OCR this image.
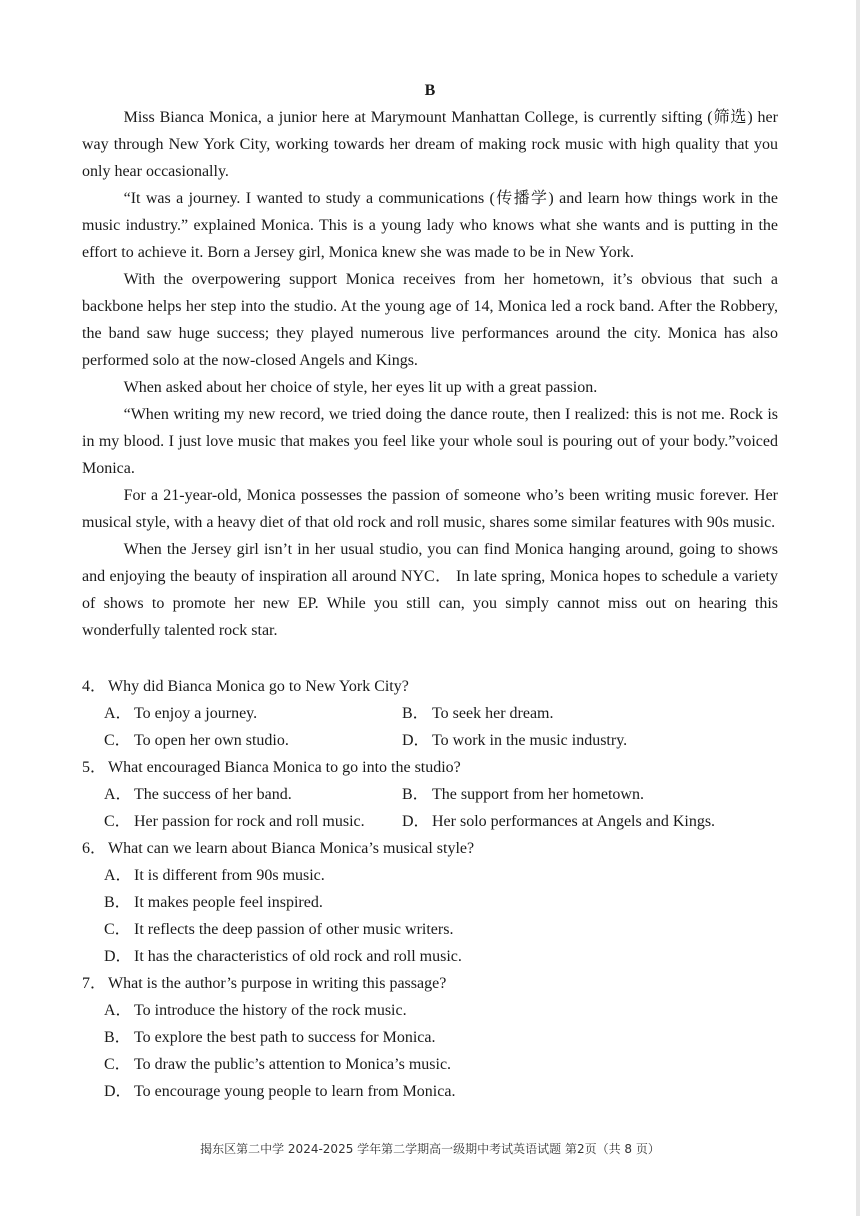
B

Miss Bianca Monica, a junior here at Marymount Manhattan College, is currently sifting (筛选) her way through New York City, working towards her dream of making rock music with high quality that you only hear occasionally.

“It was a journey. I wanted to study a communications (传播学) and learn how things work in the music industry.” explained Monica. This is a young lady who knows what she wants and is putting in the effort to achieve it. Born a Jersey girl, Monica knew she was made to be in New York.

With the overpowering support Monica receives from her hometown, it’s obvious that such a backbone helps her step into the studio. At the young age of 14, Monica led a rock band. After the Robbery, the band saw huge success; they played numerous live performances around the city. Monica has also performed solo at the now-closed Angels and Kings.

When asked about her choice of style, her eyes lit up with a great passion.

“When writing my new record, we tried doing the dance route, then I realized: this is not me. Rock is in my blood. I just love music that makes you feel like your whole soul is pouring out of your body.”voiced Monica.

For a 21-year-old, Monica possesses the passion of someone who’s been writing music forever. Her musical style, with a heavy diet of that old rock and roll music, shares some similar features with 90s music.

When the Jersey girl isn’t in her usual studio, you can find Monica hanging around, going to shows and enjoying the beauty of inspiration all around NYC． In late spring, Monica hopes to schedule a variety of shows to promote her new EP. While you still can, you simply cannot miss out on hearing this wonderfully talented rock star.

4． Why did Bianca Monica go to New York City?

A． To enjoy a journey.	B． To seek her dream.
C． To open her own studio.	D． To work in the music industry.

5． What encouraged Bianca Monica to go into the studio?

A． The success of her band.	B． The support from her hometown.
C． Her passion for rock and roll music.	D． Her solo performances at Angels and Kings.

6． What can we learn about Bianca Monica’s musical style?

A． It is different from 90s music.
B． It makes people feel inspired.
C． It reflects the deep passion of other music writers.
D． It has the characteristics of old rock and roll music.

7． What is the author’s purpose in writing this passage?

A． To introduce the history of the rock music.
B． To explore the best path to success for Monica.
C． To draw the public’s attention to Monica’s music.
D． To encourage young people to learn from Monica.
揭东区第二中学 2024-2025 学年第二学期高一级期中考试英语试题 第2页（共 8 页）
